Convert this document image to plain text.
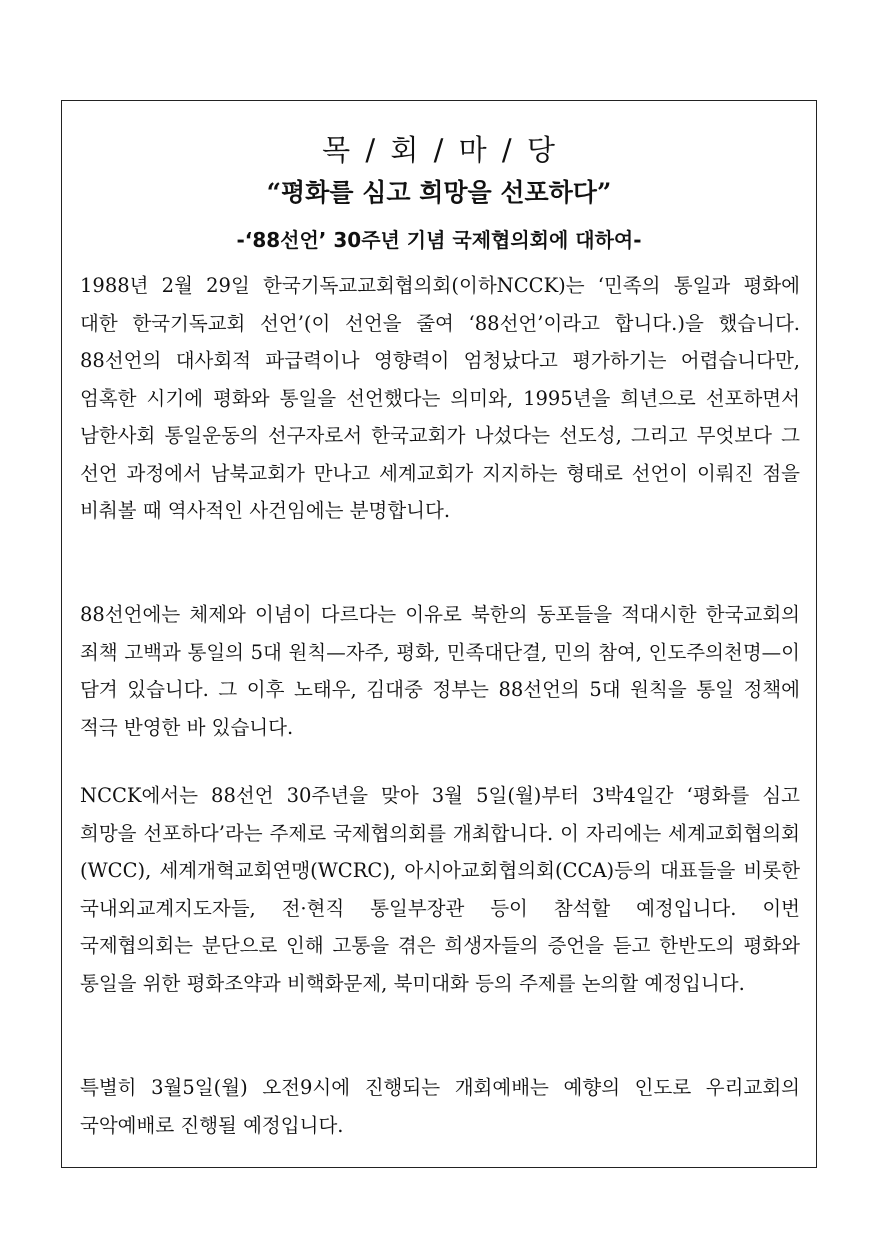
목 / 회 / 마 / 당
“평화를 심고 희망을 선포하다”
-‘88선언’ 30주년 기념 국제협의회에 대하여-

1988년 2월 29일 한국기독교교회협의회(이하NCCK)는 ‘민족의 통일과 평화에 대한 한국기독교회 선언’(이 선언을 줄여 ‘88선언’이라고 합니다.)을 했습니다. 88선언의 대사회적 파급력이나 영향력이 엄청났다고 평가하기는 어렵습니다만, 엄혹한 시기에 평화와 통일을 선언했다는 의미와, 1995년을 희년으로 선포하면서 남한사회 통일운동의 선구자로서 한국교회가 나섰다는 선도성, 그리고 무엇보다 그 선언 과정에서 남북교회가 만나고 세계교회가 지지하는 형태로 선언이 이뤄진 점을 비춰볼 때 역사적인 사건임에는 분명합니다.

88선언에는 체제와 이념이 다르다는 이유로 북한의 동포들을 적대시한 한국교회의 죄책 고백과 통일의 5대 원칙—자주, 평화, 민족대단결, 민의 참여, 인도주의천명—이 담겨 있습니다. 그 이후 노태우, 김대중 정부는 88선언의 5대 원칙을 통일 정책에 적극 반영한 바 있습니다.

NCCK에서는 88선언 30주년을 맞아 3월 5일(월)부터 3박4일간 ‘평화를 심고 희망을 선포하다’라는 주제로 국제협의회를 개최합니다. 이 자리에는 세계교회협의회(WCC), 세계개혁교회연맹(WCRC), 아시아교회협의회(CCA)등의 대표들을 비롯한 국내외교계지도자들, 전·현직 통일부장관 등이 참석할 예정입니다. 이번 국제협의회는 분단으로 인해 고통을 겪은 희생자들의 증언을 듣고 한반도의 평화와 통일을 위한 평화조약과 비핵화문제, 북미대화 등의 주제를 논의할 예정입니다.

특별히 3월5일(월) 오전9시에 진행되는 개회예배는 예향의 인도로 우리교회의 국악예배로 진행될 예정입니다.
